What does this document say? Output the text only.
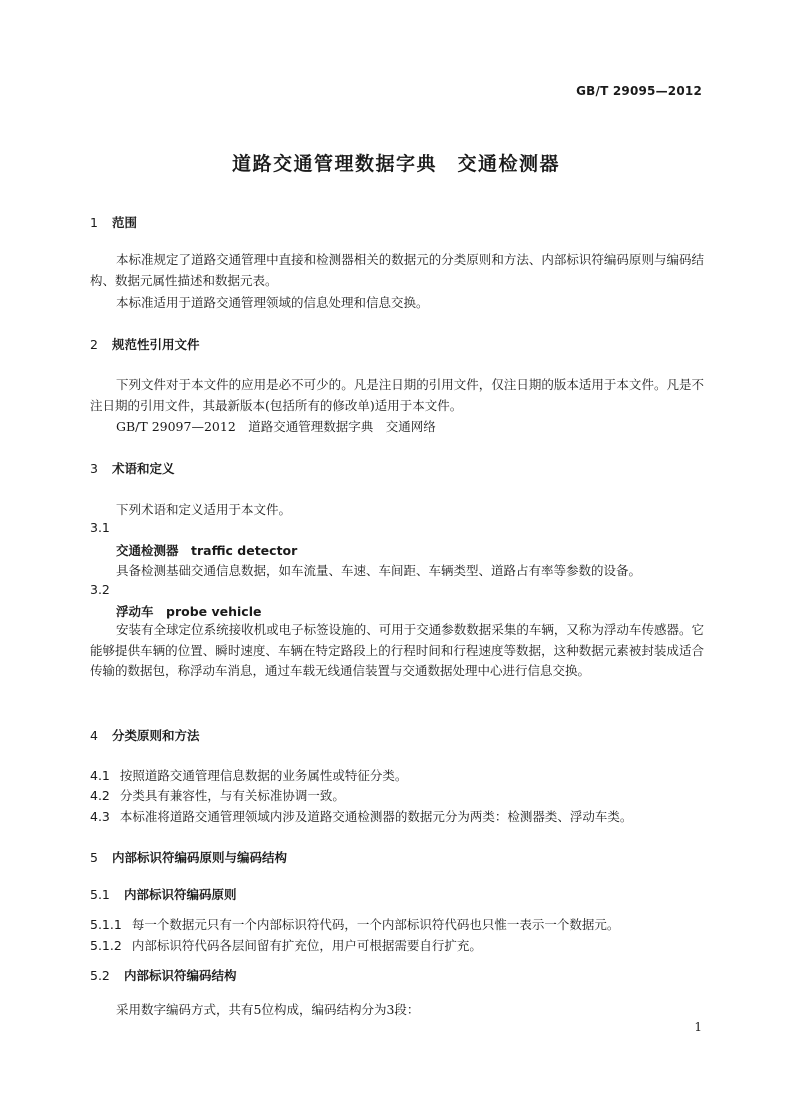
GB/T 29095—2012
道路交通管理数据字典　交通检测器
1 范围
本标准规定了道路交通管理中直接和检测器相关的数据元的分类原则和方法、内部标识符编码原则与编码结构、数据元属性描述和数据元表。
本标准适用于道路交通管理领域的信息处理和信息交换。
2 规范性引用文件
下列文件对于本文件的应用是必不可少的。凡是注日期的引用文件，仅注日期的版本适用于本文件。凡是不注日期的引用文件，其最新版本(包括所有的修改单)适用于本文件。
GB/T 29097—2012　道路交通管理数据字典　交通网络
3 术语和定义
下列术语和定义适用于本文件。
3.1
交通检测器　traffic detector
具备检测基础交通信息数据，如车流量、车速、车间距、车辆类型、道路占有率等参数的设备。
3.2
浮动车　probe vehicle
安装有全球定位系统接收机或电子标签设施的、可用于交通参数数据采集的车辆，又称为浮动车传感器。它能够提供车辆的位置、瞬时速度、车辆在特定路段上的行程时间和行程速度等数据，这种数据元素被封装成适合传输的数据包，称浮动车消息，通过车载无线通信装置与交通数据处理中心进行信息交换。
4 分类原则和方法
4.1 按照道路交通管理信息数据的业务属性或特征分类。
4.2 分类具有兼容性，与有关标准协调一致。
4.3 本标准将道路交通管理领域内涉及道路交通检测器的数据元分为两类：检测器类、浮动车类。
5 内部标识符编码原则与编码结构
5.1 内部标识符编码原则
5.1.1 每一个数据元只有一个内部标识符代码，一个内部标识符代码也只惟一表示一个数据元。
5.1.2 内部标识符代码各层间留有扩充位，用户可根据需要自行扩充。
5.2 内部标识符编码结构
采用数字编码方式，共有5位构成，编码结构分为3段：
1
